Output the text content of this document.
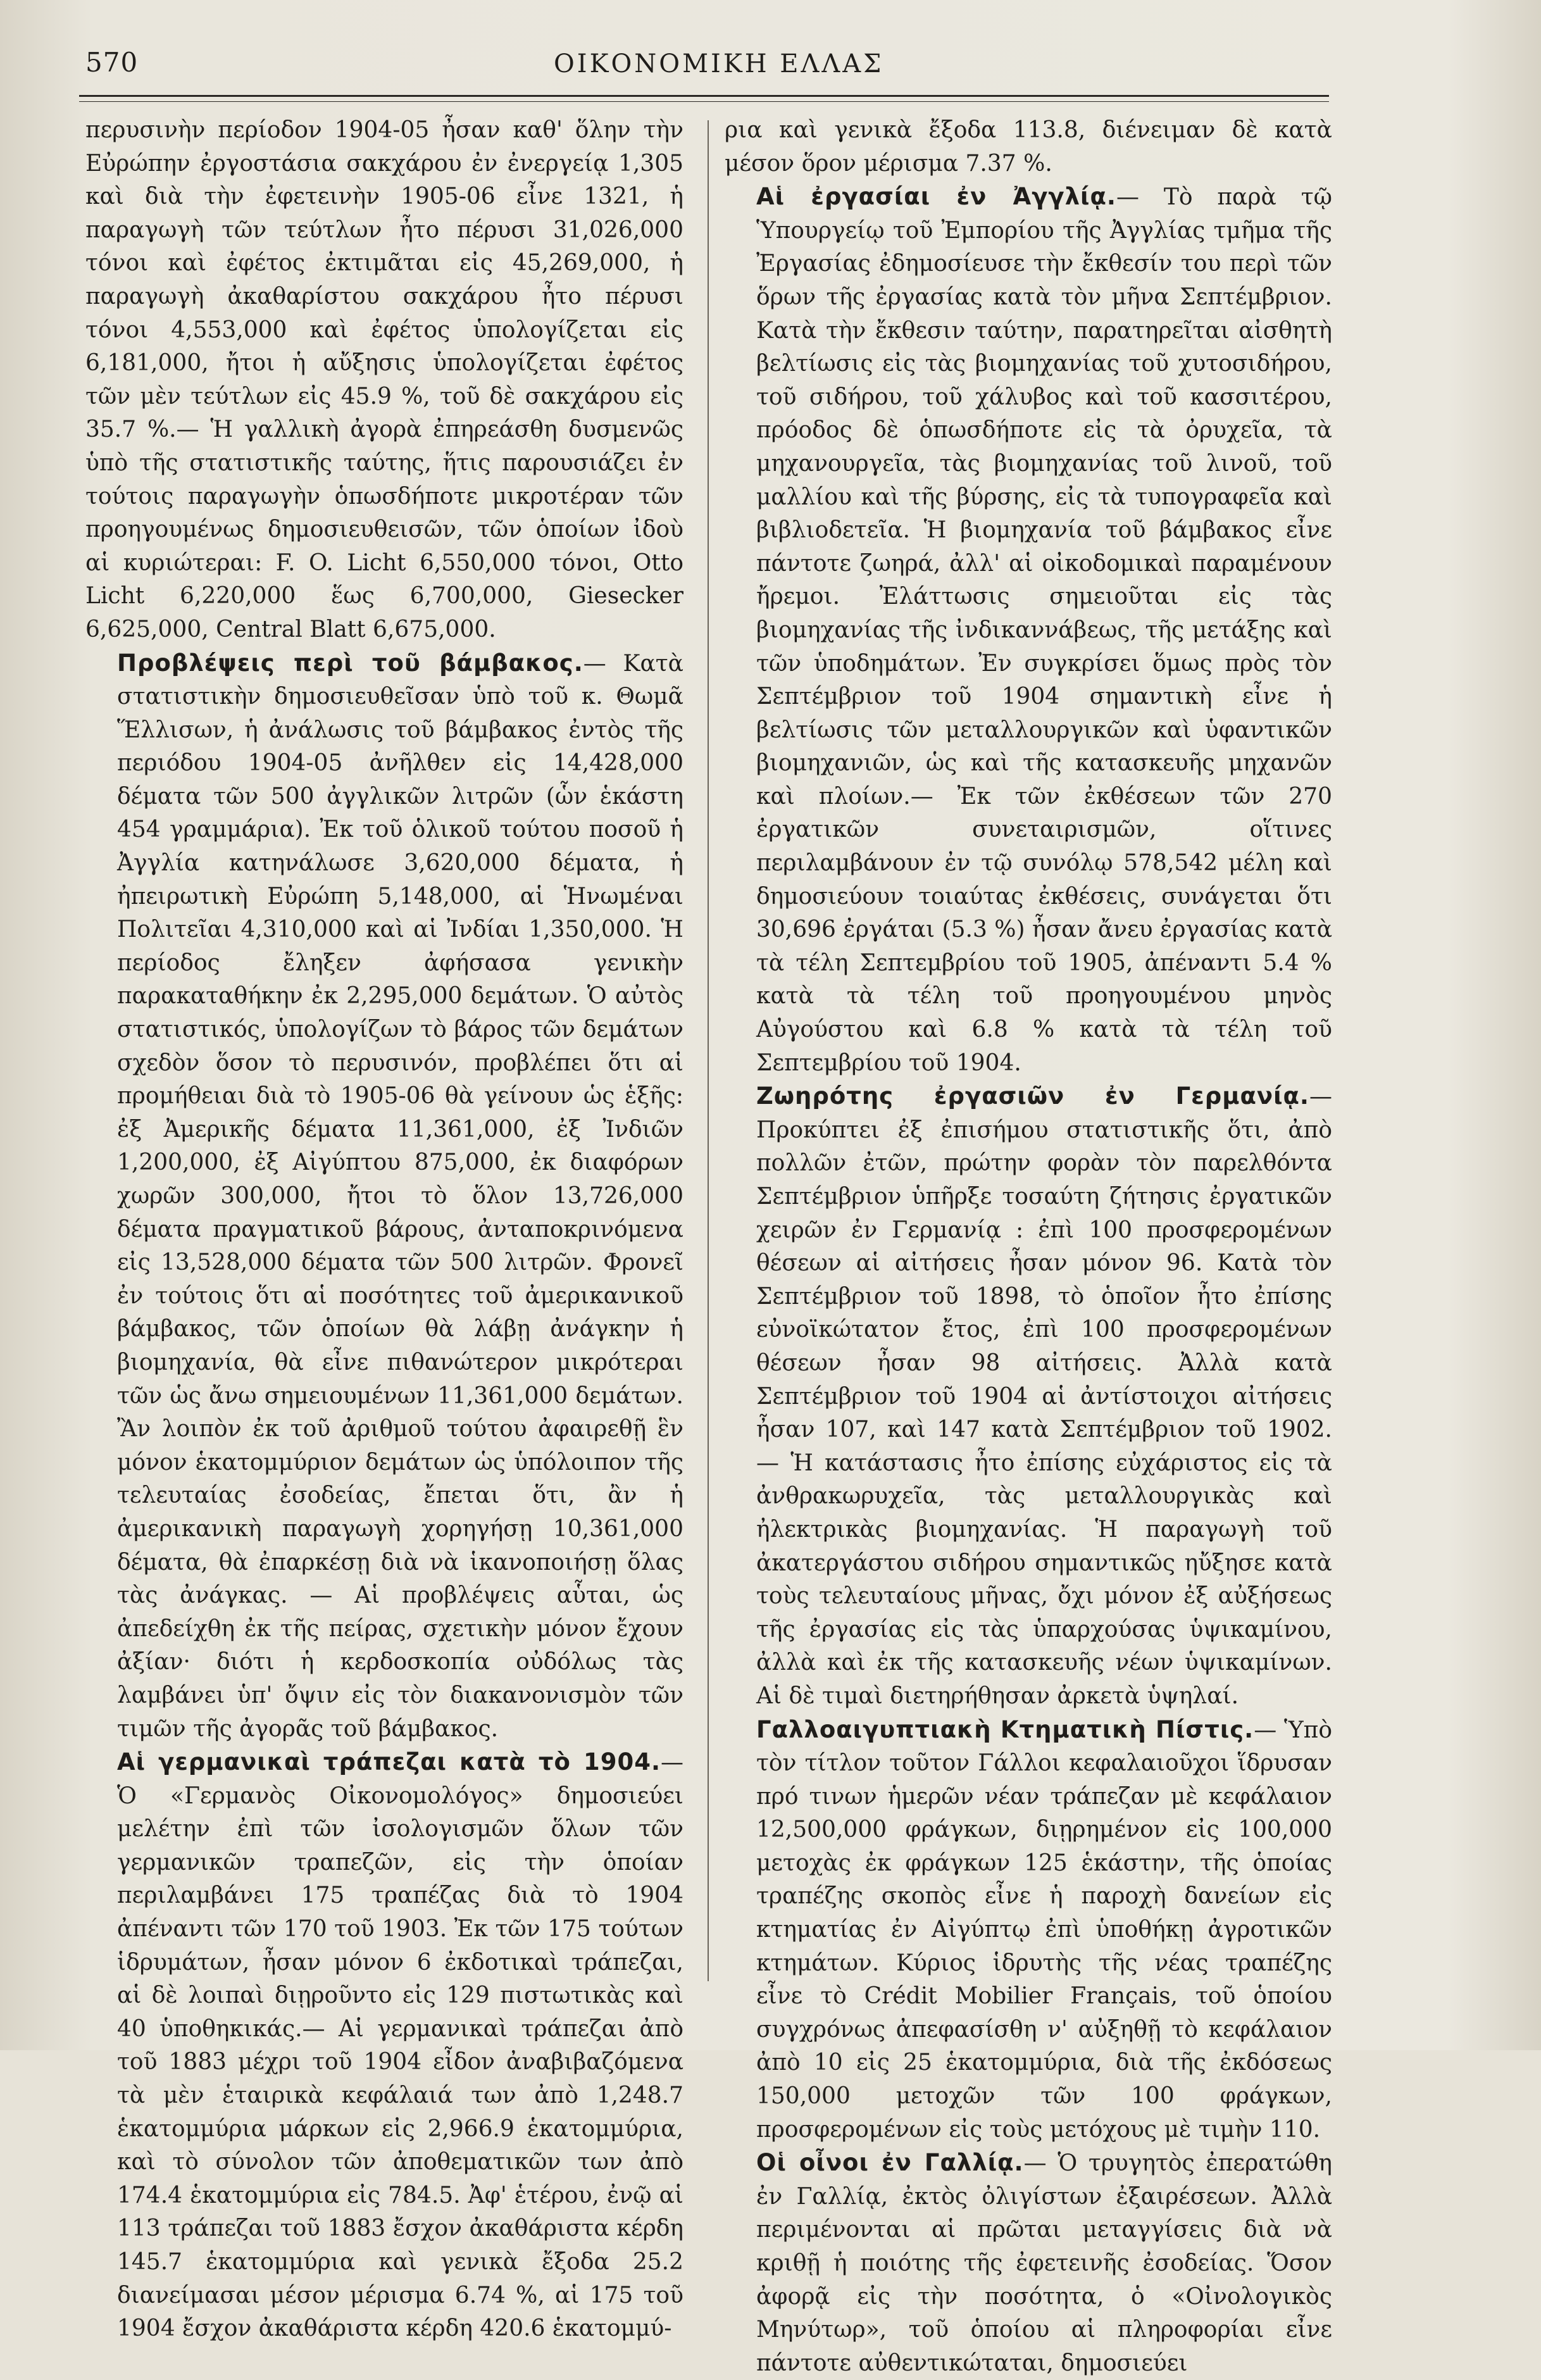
570	ΟΙΚΟΝΟΜΙΚΗ ΕΛΛΑΣ

περυσινὴν περίοδον 1904-05 ἦσαν καθ' ὅλην τὴν Εὐρώπην ἐργοστάσια σακχάρου ἐν ἐνεργείᾳ 1,305 καὶ διὰ τὴν ἐφετεινὴν 1905-06 εἶνε 1321, ἡ παραγωγὴ τῶν τεύτλων ἦτο πέρυσι 31,026,000 τόνοι καὶ ἐφέτος ἐκτιμᾶται εἰς 45,269,000, ἡ παραγωγὴ ἀκαθαρίστου σακχάρου ἦτο πέρυσι τόνοι 4,553,000 καὶ ἐφέτος ὑπολογίζεται εἰς 6,181,000, ἤτοι ἡ αὔξησις ὑπολογίζεται ἐφέτος τῶν μὲν τεύτλων εἰς 45.9 %, τοῦ δὲ σακχάρου εἰς 35.7 %.— Ἡ γαλλικὴ ἀγορὰ ἐπηρεάσθη δυσμενῶς ὑπὸ τῆς στατιστικῆς ταύτης, ἥτις παρουσιάζει ἐν τούτοις παραγωγὴν ὁπωσδήποτε μικροτέραν τῶν προηγουμένως δημοσιευθεισῶν, τῶν ὁποίων ἰδοὺ αἱ κυριώτεραι: F. O. Licht 6,550,000 τόνοι, Otto Licht 6,220,000 ἕως 6,700,000, Giesecker 6,625,000, Central Blatt 6,675,000.

Προβλέψεις περὶ τοῦ βάμβακος.— Κατὰ στατιστικὴν δημοσιευθεῖσαν ὑπὸ τοῦ κ. Θωμᾶ Ἕλλισων, ἡ ἀνάλωσις τοῦ βάμβακος ἐντὸς τῆς περιόδου 1904-05 ἀνῆλθεν εἰς 14,428,000 δέματα τῶν 500 ἀγγλικῶν λιτρῶν (ὧν ἑκάστη 454 γραμμάρια). Ἐκ τοῦ ὁλικοῦ τούτου ποσοῦ ἡ Ἀγγλία κατηνάλωσε 3,620,000 δέματα, ἡ ἠπειρωτικὴ Εὐρώπη 5,148,000, αἱ Ἡνωμέναι Πολιτεῖαι 4,310,000 καὶ αἱ Ἰνδίαι 1,350,000. Ἡ περίοδος ἔληξεν ἀφήσασα γενικὴν παρακαταθήκην ἐκ 2,295,000 δεμάτων. Ὁ αὐτὸς στατιστικός, ὑπολογίζων τὸ βάρος τῶν δεμάτων σχεδὸν ὅσον τὸ περυσινόν, προβλέπει ὅτι αἱ προμήθειαι διὰ τὸ 1905-06 θὰ γείνουν ὡς ἑξῆς: ἐξ Ἀμερικῆς δέματα 11,361,000, ἐξ Ἰνδιῶν 1,200,000, ἐξ Αἰγύπτου 875,000, ἐκ διαφόρων χωρῶν 300,000, ἤτοι τὸ ὅλον 13,726,000 δέματα πραγματικοῦ βάρους, ἀνταποκρινόμενα εἰς 13,528,000 δέματα τῶν 500 λιτρῶν. Φρονεῖ ἐν τούτοις ὅτι αἱ ποσότητες τοῦ ἀμερικανικοῦ βάμβακος, τῶν ὁποίων θὰ λάβῃ ἀνάγκην ἡ βιομηχανία, θὰ εἶνε πιθανώτερον μικρότεραι τῶν ὡς ἄνω σημειουμένων 11,361,000 δεμάτων. Ἂν λοιπὸν ἐκ τοῦ ἀριθμοῦ τούτου ἀφαιρεθῇ ἓν μόνον ἑκατομμύριον δεμάτων ὡς ὑπόλοιπον τῆς τελευταίας ἐσοδείας, ἔπεται ὅτι, ἂν ἡ ἀμερικανικὴ παραγωγὴ χορηγήσῃ 10,361,000 δέματα, θὰ ἐπαρκέσῃ διὰ νὰ ἱκανοποιήσῃ ὅλας τὰς ἀνάγκας. — Αἱ προβλέψεις αὗται, ὡς ἀπεδείχθη ἐκ τῆς πείρας, σχετικὴν μόνον ἔχουν ἀξίαν· διότι ἡ κερδοσκοπία οὐδόλως τὰς λαμβάνει ὑπ' ὄψιν εἰς τὸν διακανονισμὸν τῶν τιμῶν τῆς ἀγορᾶς τοῦ βάμβακος.

Αἱ γερμανικαὶ τράπεζαι κατὰ τὸ 1904.— Ὁ «Γερμανὸς Οἰκονομολόγος» δημοσιεύει μελέτην ἐπὶ τῶν ἰσολογισμῶν ὅλων τῶν γερμανικῶν τραπεζῶν, εἰς τὴν ὁποίαν περιλαμβάνει 175 τραπέζας διὰ τὸ 1904 ἀπέναντι τῶν 170 τοῦ 1903. Ἐκ τῶν 175 τούτων ἱδρυμάτων, ἦσαν μόνον 6 ἐκδοτικαὶ τράπεζαι, αἱ δὲ λοιπαὶ διῃροῦντο εἰς 129 πιστωτικὰς καὶ 40 ὑποθηκικάς.— Αἱ γερμανικαὶ τράπεζαι ἀπὸ τοῦ 1883 μέχρι τοῦ 1904 εἶδον ἀναβιβαζόμενα τὰ μὲν ἑταιρικὰ κεφάλαιά των ἀπὸ 1,248.7 ἑκατομμύρια μάρκων εἰς 2,966.9 ἑκατομμύρια, καὶ τὸ σύνολον τῶν ἀποθεματικῶν των ἀπὸ 174.4 ἑκατομμύρια εἰς 784.5. Ἀφ' ἑτέρου, ἐνῷ αἱ 113 τράπεζαι τοῦ 1883 ἔσχον ἀκαθάριστα κέρδη 145.7 ἑκατομμύρια καὶ γενικὰ ἔξοδα 25.2 διανείμασαι μέσον μέρισμα 6.74 %, αἱ 175 τοῦ 1904 ἔσχον ἀκαθάριστα κέρδη 420.6 ἑκατομμύ-

ρια καὶ γενικὰ ἔξοδα 113.8, διένειμαν δὲ κατὰ μέσον ὅρον μέρισμα 7.37 %.

Αἱ ἐργασίαι ἐν Ἀγγλίᾳ.— Τὸ παρὰ τῷ Ὑπουργείῳ τοῦ Ἐμπορίου τῆς Ἀγγλίας τμῆμα τῆς Ἐργασίας ἐδημοσίευσε τὴν ἔκθεσίν του περὶ τῶν ὅρων τῆς ἐργασίας κατὰ τὸν μῆνα Σεπτέμβριον. Κατὰ τὴν ἔκθεσιν ταύτην, παρατηρεῖται αἰσθητὴ βελτίωσις εἰς τὰς βιομηχανίας τοῦ χυτοσιδήρου, τοῦ σιδήρου, τοῦ χάλυβος καὶ τοῦ κασσιτέρου, πρόοδος δὲ ὁπωσδήποτε εἰς τὰ ὀρυχεῖα, τὰ μηχανουργεῖα, τὰς βιομηχανίας τοῦ λινοῦ, τοῦ μαλλίου καὶ τῆς βύρσης, εἰς τὰ τυπογραφεῖα καὶ βιβλιοδετεῖα. Ἡ βιομηχανία τοῦ βάμβακος εἶνε πάντοτε ζωηρά, ἀλλ' αἱ οἰκοδομικαὶ παραμένουν ἤρεμοι. Ἐλάττωσις σημειοῦται εἰς τὰς βιομηχανίας τῆς ἰνδικαννάβεως, τῆς μετάξης καὶ τῶν ὑποδημάτων. Ἐν συγκρίσει ὅμως πρὸς τὸν Σεπτέμβριον τοῦ 1904 σημαντικὴ εἶνε ἡ βελτίωσις τῶν μεταλλουργικῶν καὶ ὑφαντικῶν βιομηχανιῶν, ὡς καὶ τῆς κατασκευῆς μηχανῶν καὶ πλοίων.— Ἐκ τῶν ἐκθέσεων τῶν 270 ἐργατικῶν συνεταιρισμῶν, οἵτινες περιλαμβάνουν ἐν τῷ συνόλῳ 578,542 μέλη καὶ δημοσιεύουν τοιαύτας ἐκθέσεις, συνάγεται ὅτι 30,696 ἐργάται (5.3 %) ἦσαν ἄνευ ἐργασίας κατὰ τὰ τέλη Σεπτεμβρίου τοῦ 1905, ἀπέναντι 5.4 % κατὰ τὰ τέλη τοῦ προηγουμένου μηνὸς Αὐγούστου καὶ 6.8 % κατὰ τὰ τέλη τοῦ Σεπτεμβρίου τοῦ 1904.

Ζωηρότης ἐργασιῶν ἐν Γερμανίᾳ.—Προκύπτει ἐξ ἐπισήμου στατιστικῆς ὅτι, ἀπὸ πολλῶν ἐτῶν, πρώτην φορὰν τὸν παρελθόντα Σεπτέμβριον ὑπῆρξε τοσαύτη ζήτησις ἐργατικῶν χειρῶν ἐν Γερμανίᾳ : ἐπὶ 100 προσφερομένων θέσεων αἱ αἰτήσεις ἦσαν μόνον 96. Κατὰ τὸν Σεπτέμβριον τοῦ 1898, τὸ ὁποῖον ἦτο ἐπίσης εὐνοϊκώτατον ἔτος, ἐπὶ 100 προσφερομένων θέσεων ἦσαν 98 αἰτήσεις. Ἀλλὰ κατὰ Σεπτέμβριον τοῦ 1904 αἱ ἀντίστοιχοι αἰτήσεις ἦσαν 107, καὶ 147 κατὰ Σεπτέμβριον τοῦ 1902. — Ἡ κατάστασις ἦτο ἐπίσης εὐχάριστος εἰς τὰ ἀνθρακωρυχεῖα, τὰς μεταλλουργικὰς καὶ ἠλεκτρικὰς βιομηχανίας. Ἡ παραγωγὴ τοῦ ἀκατεργάστου σιδήρου σημαντικῶς ηὔξησε κατὰ τοὺς τελευταίους μῆνας, ὄχι μόνον ἐξ αὐξήσεως τῆς ἐργασίας εἰς τὰς ὑπαρχούσας ὑψικαμίνου, ἀλλὰ καὶ ἐκ τῆς κατασκευῆς νέων ὑψικαμίνων. Αἱ δὲ τιμαὶ διετηρήθησαν ἀρκετὰ ὑψηλαί.

Γαλλοαιγυπτιακὴ Κτηματικὴ Πίστις.— Ὑπὸ τὸν τίτλον τοῦτον Γάλλοι κεφαλαιοῦχοι ἵδρυσαν πρό τινων ἡμερῶν νέαν τράπεζαν μὲ κεφάλαιον 12,500,000 φράγκων, διῃρημένον εἰς 100,000 μετοχὰς ἐκ φράγκων 125 ἑκάστην, τῆς ὁποίας τραπέζης σκοπὸς εἶνε ἡ παροχὴ δανείων εἰς κτηματίας ἐν Αἰγύπτῳ ἐπὶ ὑποθήκῃ ἀγροτικῶν κτημάτων. Κύριος ἱδρυτὴς τῆς νέας τραπέζης εἶνε τὸ Crédit Mobilier Français, τοῦ ὁποίου συγχρόνως ἀπεφασίσθη ν' αὐξηθῇ τὸ κεφάλαιον ἀπὸ 10 εἰς 25 ἑκατομμύρια, διὰ τῆς ἐκδόσεως 150,000 μετοχῶν τῶν 100 φράγκων, προσφερομένων εἰς τοὺς μετόχους μὲ τιμὴν 110.

Οἱ οἶνοι ἐν Γαλλίᾳ.— Ὁ τρυγητὸς ἐπερατώθη ἐν Γαλλίᾳ, ἐκτὸς ὀλιγίστων ἐξαιρέσεων. Ἀλλὰ περιμένονται αἱ πρῶται μεταγγίσεις διὰ νὰ κριθῇ ἡ ποιότης τῆς ἐφετεινῆς ἐσοδείας. Ὅσον ἀφορᾷ εἰς τὴν ποσότητα, ὁ «Οἰνολογικὸς Μηνύτωρ», τοῦ ὁποίου αἱ πληροφορίαι εἶνε πάντοτε αὐθεντικώταται, δημοσιεύει
